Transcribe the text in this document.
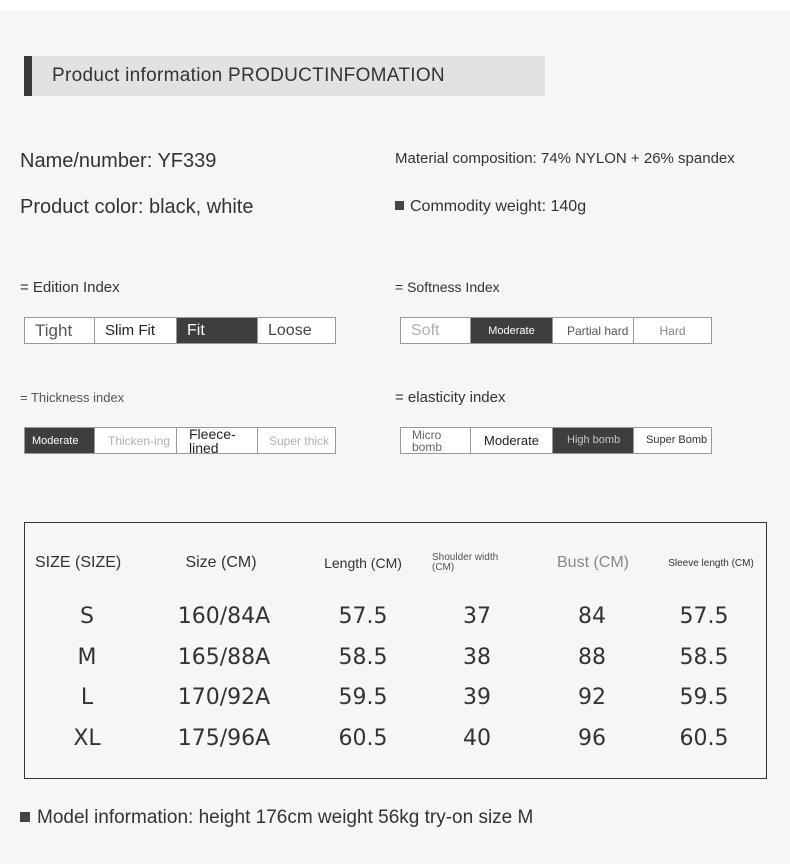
Product information PRODUCTINFOMATION
Name/number: YF339
Product color: black, white
Material composition: 74% NYLON + 26% spandex
Commodity weight: 140g
= Edition Index
Tight	Slim Fit	Fit	Loose
= Softness Index
Soft	Moderate	Partial hard	Hard
= Thickness index
Moderate	Thicken-ing	Fleece-lined	Super thick
= elasticity index
Micro bomb	Moderate	High bomb	Super Bomb
SIZE (SIZE)	Size (CM)	Length (CM)	Shoulder width (CM)	Bust (CM)	Sleeve length (CM)
S	160/84A	57.5	37	84	57.5
M	165/88A	58.5	38	88	58.5
L	170/92A	59.5	39	92	59.5
XL	175/96A	60.5	40	96	60.5
Model information: height 176cm weight 56kg try-on size M
